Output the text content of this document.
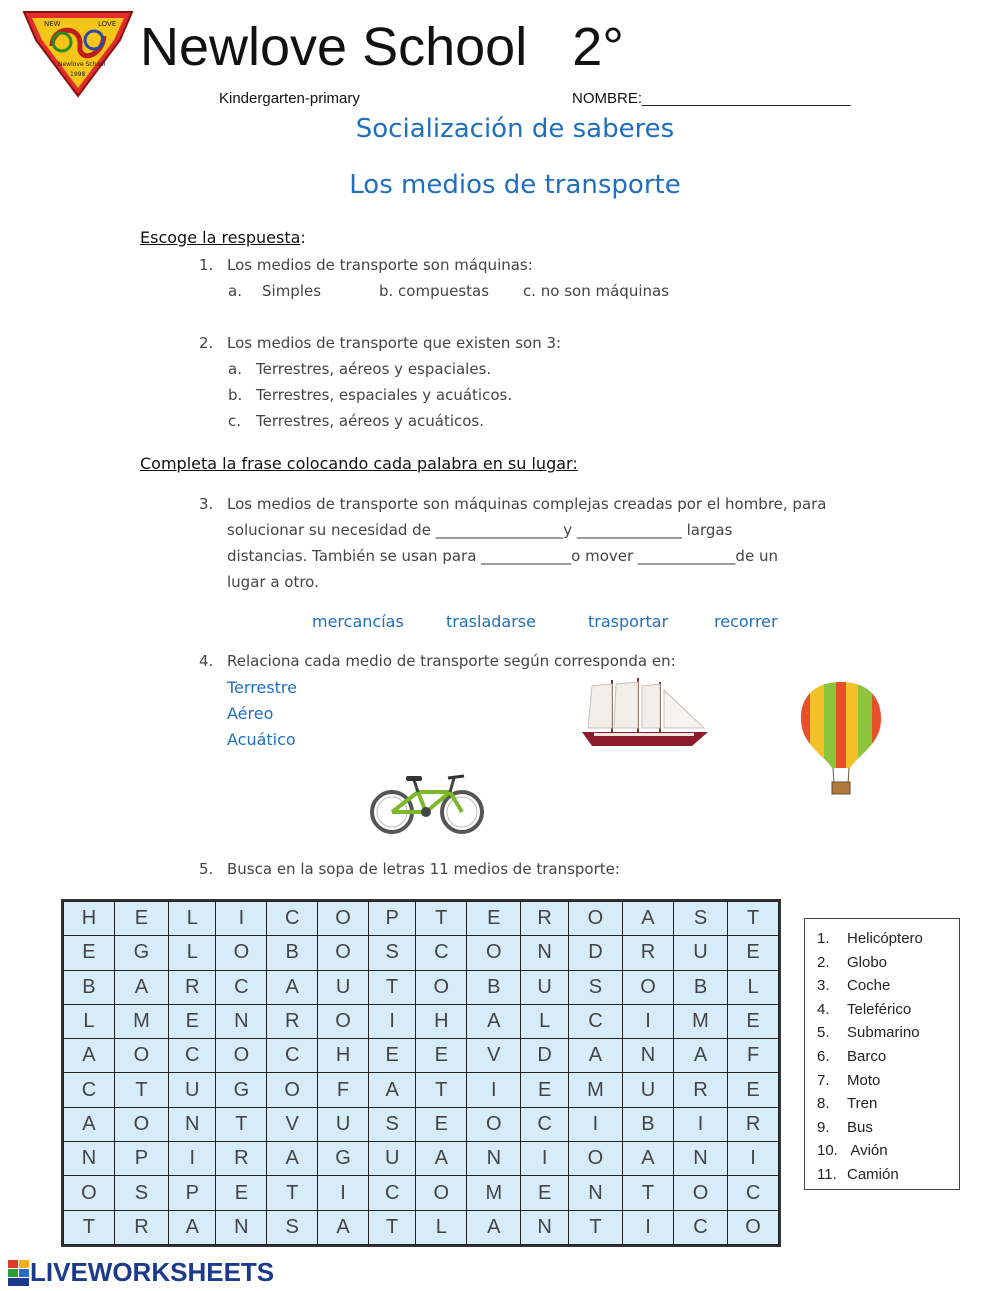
NEW	LOVE
Newlove School
1998 Newlove School   2°
Kindergarten-primary	NOMBRE:_________________________
Socialización de saberes
Los medios de transporte
Escoge la respuesta:
1. Los medios de transporte son máquinas:
a. Simples	b. compuestas c. no son máquinas
2. Los medios de transporte que existen son 3:
a. Terrestres, aéreos y espaciales.
b. Terrestres, espaciales y acuáticos.
c. Terrestres, aéreos y acuáticos.
Completa la frase colocando cada palabra en su lugar:
3. Los medios de transporte son máquinas complejas creadas por el hombre, para
solucionar su necesidad de _________________y ______________ largas
distancias. También se usan para ____________o mover _____________de un
lugar a otro.
mercancías	trasladarse	trasportar	recorrer
4. Relaciona cada medio de transporte según corresponda en:
Terrestre
Aéreo
Acuático
5. Busca en la sopa de letras 11 medios de transporte:
H	E	L	I	C	O	P	T	E	R	O	A	S	T
E	G	L	O	B	O	S	C	O	N	D	R	U	E
B	A	R	C	A	U	T	O	B	U	S	O	B	L
L	M	E	N	R	O	I	H	A	L	C	I	M	E
A	O	C	O	C	H	E	E	V	D	A	N	A	F
C	T	U	G	O	F	A	T	I	E	M	U	R	E
A	O	N	T	V	U	S	E	O	C	I	B	I	R
N	P	I	R	A	G	U	A	N	I	O	A	N	I
O	S	P	E	T	I	C	O	M	E	N	T	O	C
T	R	A	N	S	A	T	L	A	N	T	I	C	O
1. Helicóptero
2. Globo
3. Coche
4. Teleférico
5. Submarino
6. Barco
7. Moto
8. Tren
9. Bus
10. Avión
11. Camión
LIVEWORKSHEETS
